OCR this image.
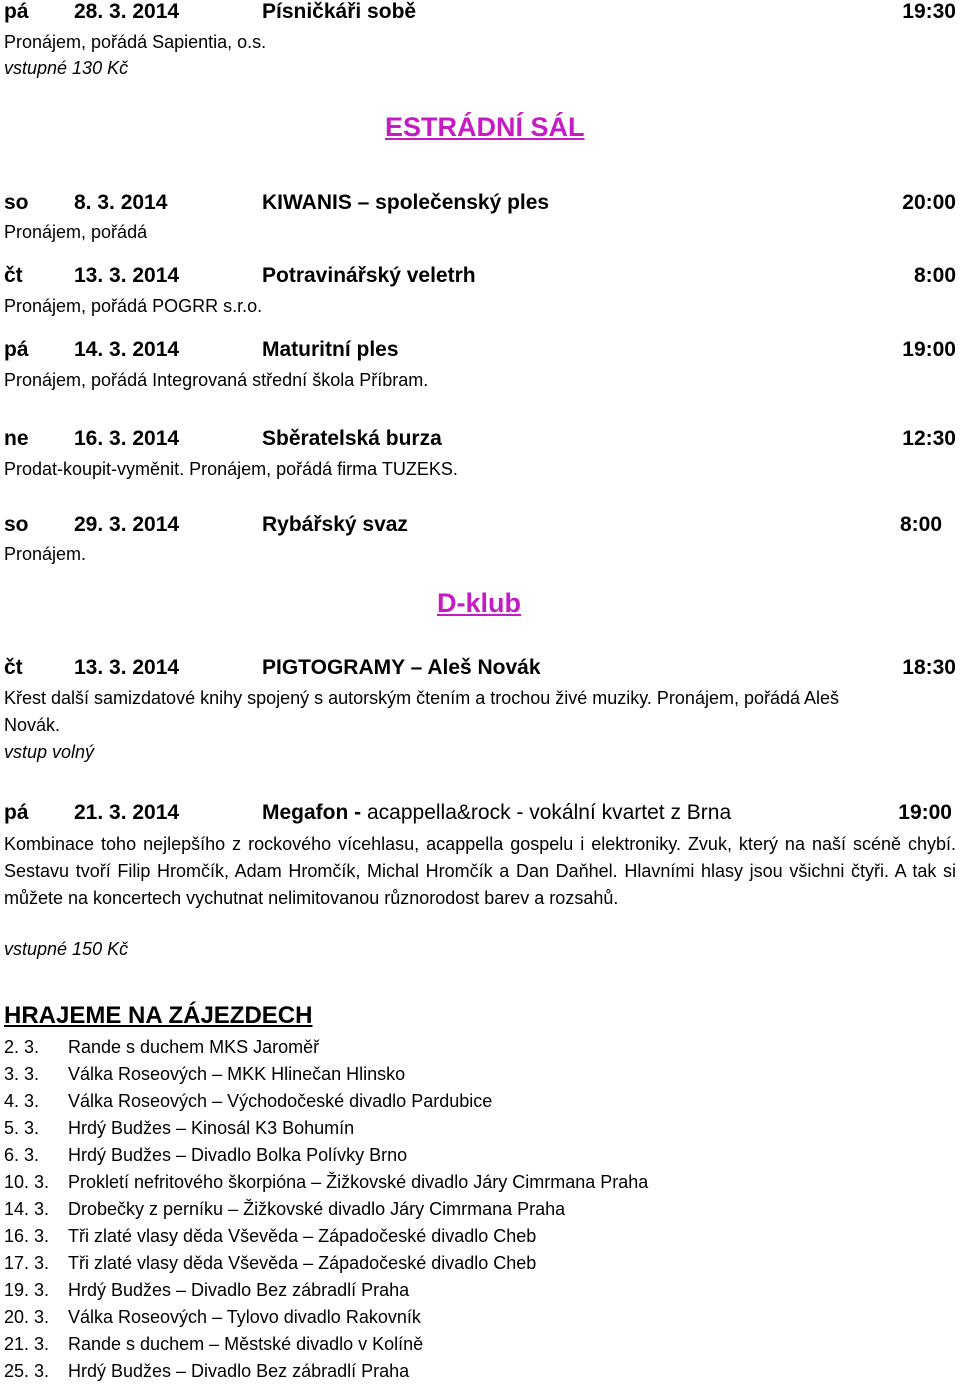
pá 28. 3. 2014	Písničkáři sobě	19:30
Pronájem, pořádá Sapientia, o.s.
vstupné 130 Kč
ESTRÁDNÍ SÁL
so 8. 3. 2014	KIWANIS – společenský ples	20:00
Pronájem, pořádá
čt 13. 3. 2014	Potravinářský veletrh	8:00
Pronájem, pořádá POGRR s.r.o.
pá 14. 3. 2014	Maturitní ples	19:00
Pronájem, pořádá Integrovaná střední škola Příbram.
ne 16. 3. 2014	Sběratelská burza	12:30
Prodat-koupit-vyměnit. Pronájem, pořádá firma TUZEKS.
so 29. 3. 2014	Rybářský svaz	8:00
Pronájem.
D-klub
čt 13. 3. 2014	PIGTOGRAMY – Aleš Novák	18:30
Křest další samizdatové knihy spojený s autorským čtením a trochou živé muziky. Pronájem, pořádá Aleš
Novák.
vstup volný
pá 21. 3. 2014	Megafon - acappella&rock - vokální kvartet z Brna	19:00
Kombinace toho nejlepšího z rockového vícehlasu, acappella gospelu i elektroniky. Zvuk, který na naší scéně chybí. Sestavu tvoří Filip Hromčík, Adam Hromčík, Michal Hromčík a Dan Daňhel. Hlavními hlasy jsou všichni čtyři. A tak si můžete na koncertech vychutnat nelimitovanou různorodost barev a rozsahů.
vstupné 150 Kč
HRAJEME NA ZÁJEZDECH
2. 3. Rande s duchem MKS Jaroměř
3. 3. Válka Roseových – MKK Hlinečan Hlinsko
4. 3. Válka Roseových – Východočeské divadlo Pardubice
5. 3. Hrdý Budžes – Kinosál K3 Bohumín
6. 3. Hrdý Budžes – Divadlo Bolka Polívky Brno
10. 3. Prokletí nefritového škorpióna – Žižkovské divadlo Járy Cimrmana Praha
14. 3. Drobečky z perníku – Žižkovské divadlo Járy Cimrmana Praha
16. 3. Tři zlaté vlasy děda Vševěda – Západočeské divadlo Cheb
17. 3. Tři zlaté vlasy děda Vševěda – Západočeské divadlo Cheb
19. 3. Hrdý Budžes – Divadlo Bez zábradlí Praha
20. 3. Válka Roseových – Tylovo divadlo Rakovník
21. 3. Rande s duchem – Městské divadlo v Kolíně
25. 3. Hrdý Budžes – Divadlo Bez zábradlí Praha
